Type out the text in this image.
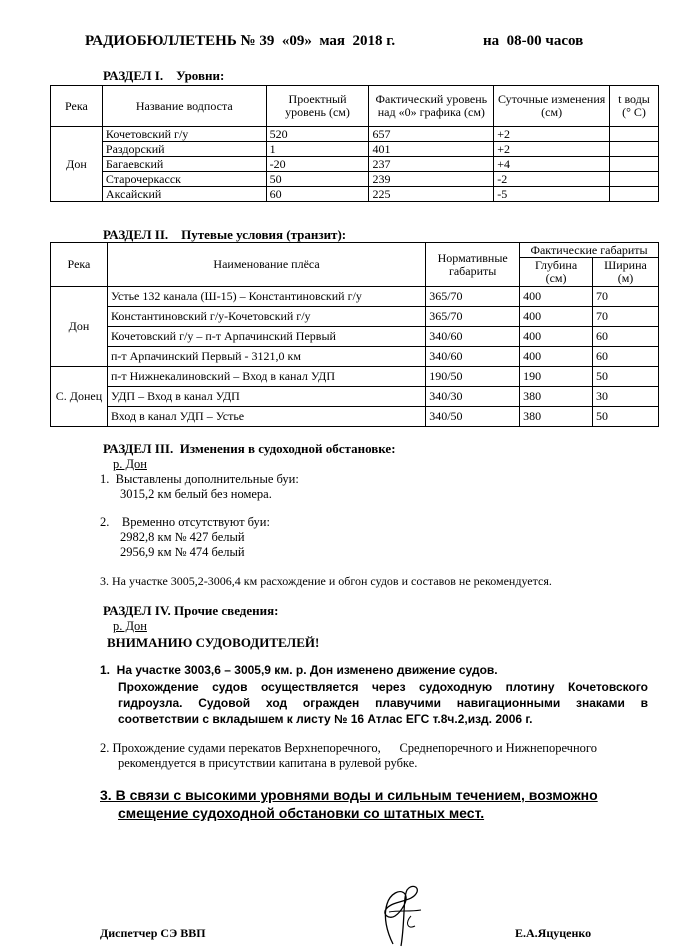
РАДИОБЮЛЛЕТЕНЬ № 39  «09»  мая  2018 г.	на  08-00 часов
РАЗДЕЛ I.    Уровни:
Река	Название водпоста	Проектный уровень (см)	Фактический уровень над «0» графика (см)	Суточные изменения (см)	t воды (° C)
Дон	Кочетовский г/у	520	657	+2	
	Раздорский	1	401	+2	
	Багаевский	-20	237	+4	
	Старочеркасск	50	239	-2	
	Аксайский	60	225	-5	
РАЗДЕЛ II.    Путевые условия (транзит):
Река	Наименование плёса	Нормативные габариты	Фактические габариты	
			Глубина (см)	Ширина (м)
Дон	Устье 132 канала (Ш-15) – Константиновский г/у	365/70	400	70
	Константиновский г/у-Кочетовский г/у	365/70	400	70
	Кочетовский г/у – п-т Арпачинский Первый	340/60	400	60
	п-т Арпачинский Первый - 3121,0 км	340/60	400	60
С. Донец	п-т Нижнекалиновский – Вход в канал УДП	190/50	190	50
	УДП – Вход в канал УДП	340/30	380	30
	Вход в канал УДП – Устье	340/50	380	50
РАЗДЕЛ III.  Изменения в судоходной обстановке:
р. Дон
1.  Выставлены дополнительные буи:
3015,2 км белый без номера.
2.    Временно отсутствуют буи:
2982,8 км № 427 белый
2956,9 км № 474 белый
3. На участке 3005,2-3006,4 км расхождение и обгон судов и составов не рекомендуется.
РАЗДЕЛ IV. Прочие сведения:
р. Дон
ВНИМАНИЮ СУДОВОДИТЕЛЕЙ!
1.  На участке 3003,6 – 3005,9 км. р. Дон изменено движение судов.
Прохождение судов осуществляется через судоходную плотину Кочетовского
гидроузла. Судовой ход огражден плавучими навигационными знаками в
соответствии с вкладышем к листу № 16 Атлас ЕГС т.8ч.2,изд. 2006 г.
2. Прохождение судами перекатов Верхнепоречного,      Среднепоречного и Нижнепоречного
рекомендуется в присутствии капитана в рулевой рубке.
3. В связи с высокими уровнями воды и сильным течением, возможно
смещение судоходной обстановки со штатных мест.
Диспетчер СЭ ВВП	Е.А.Яцуценко
